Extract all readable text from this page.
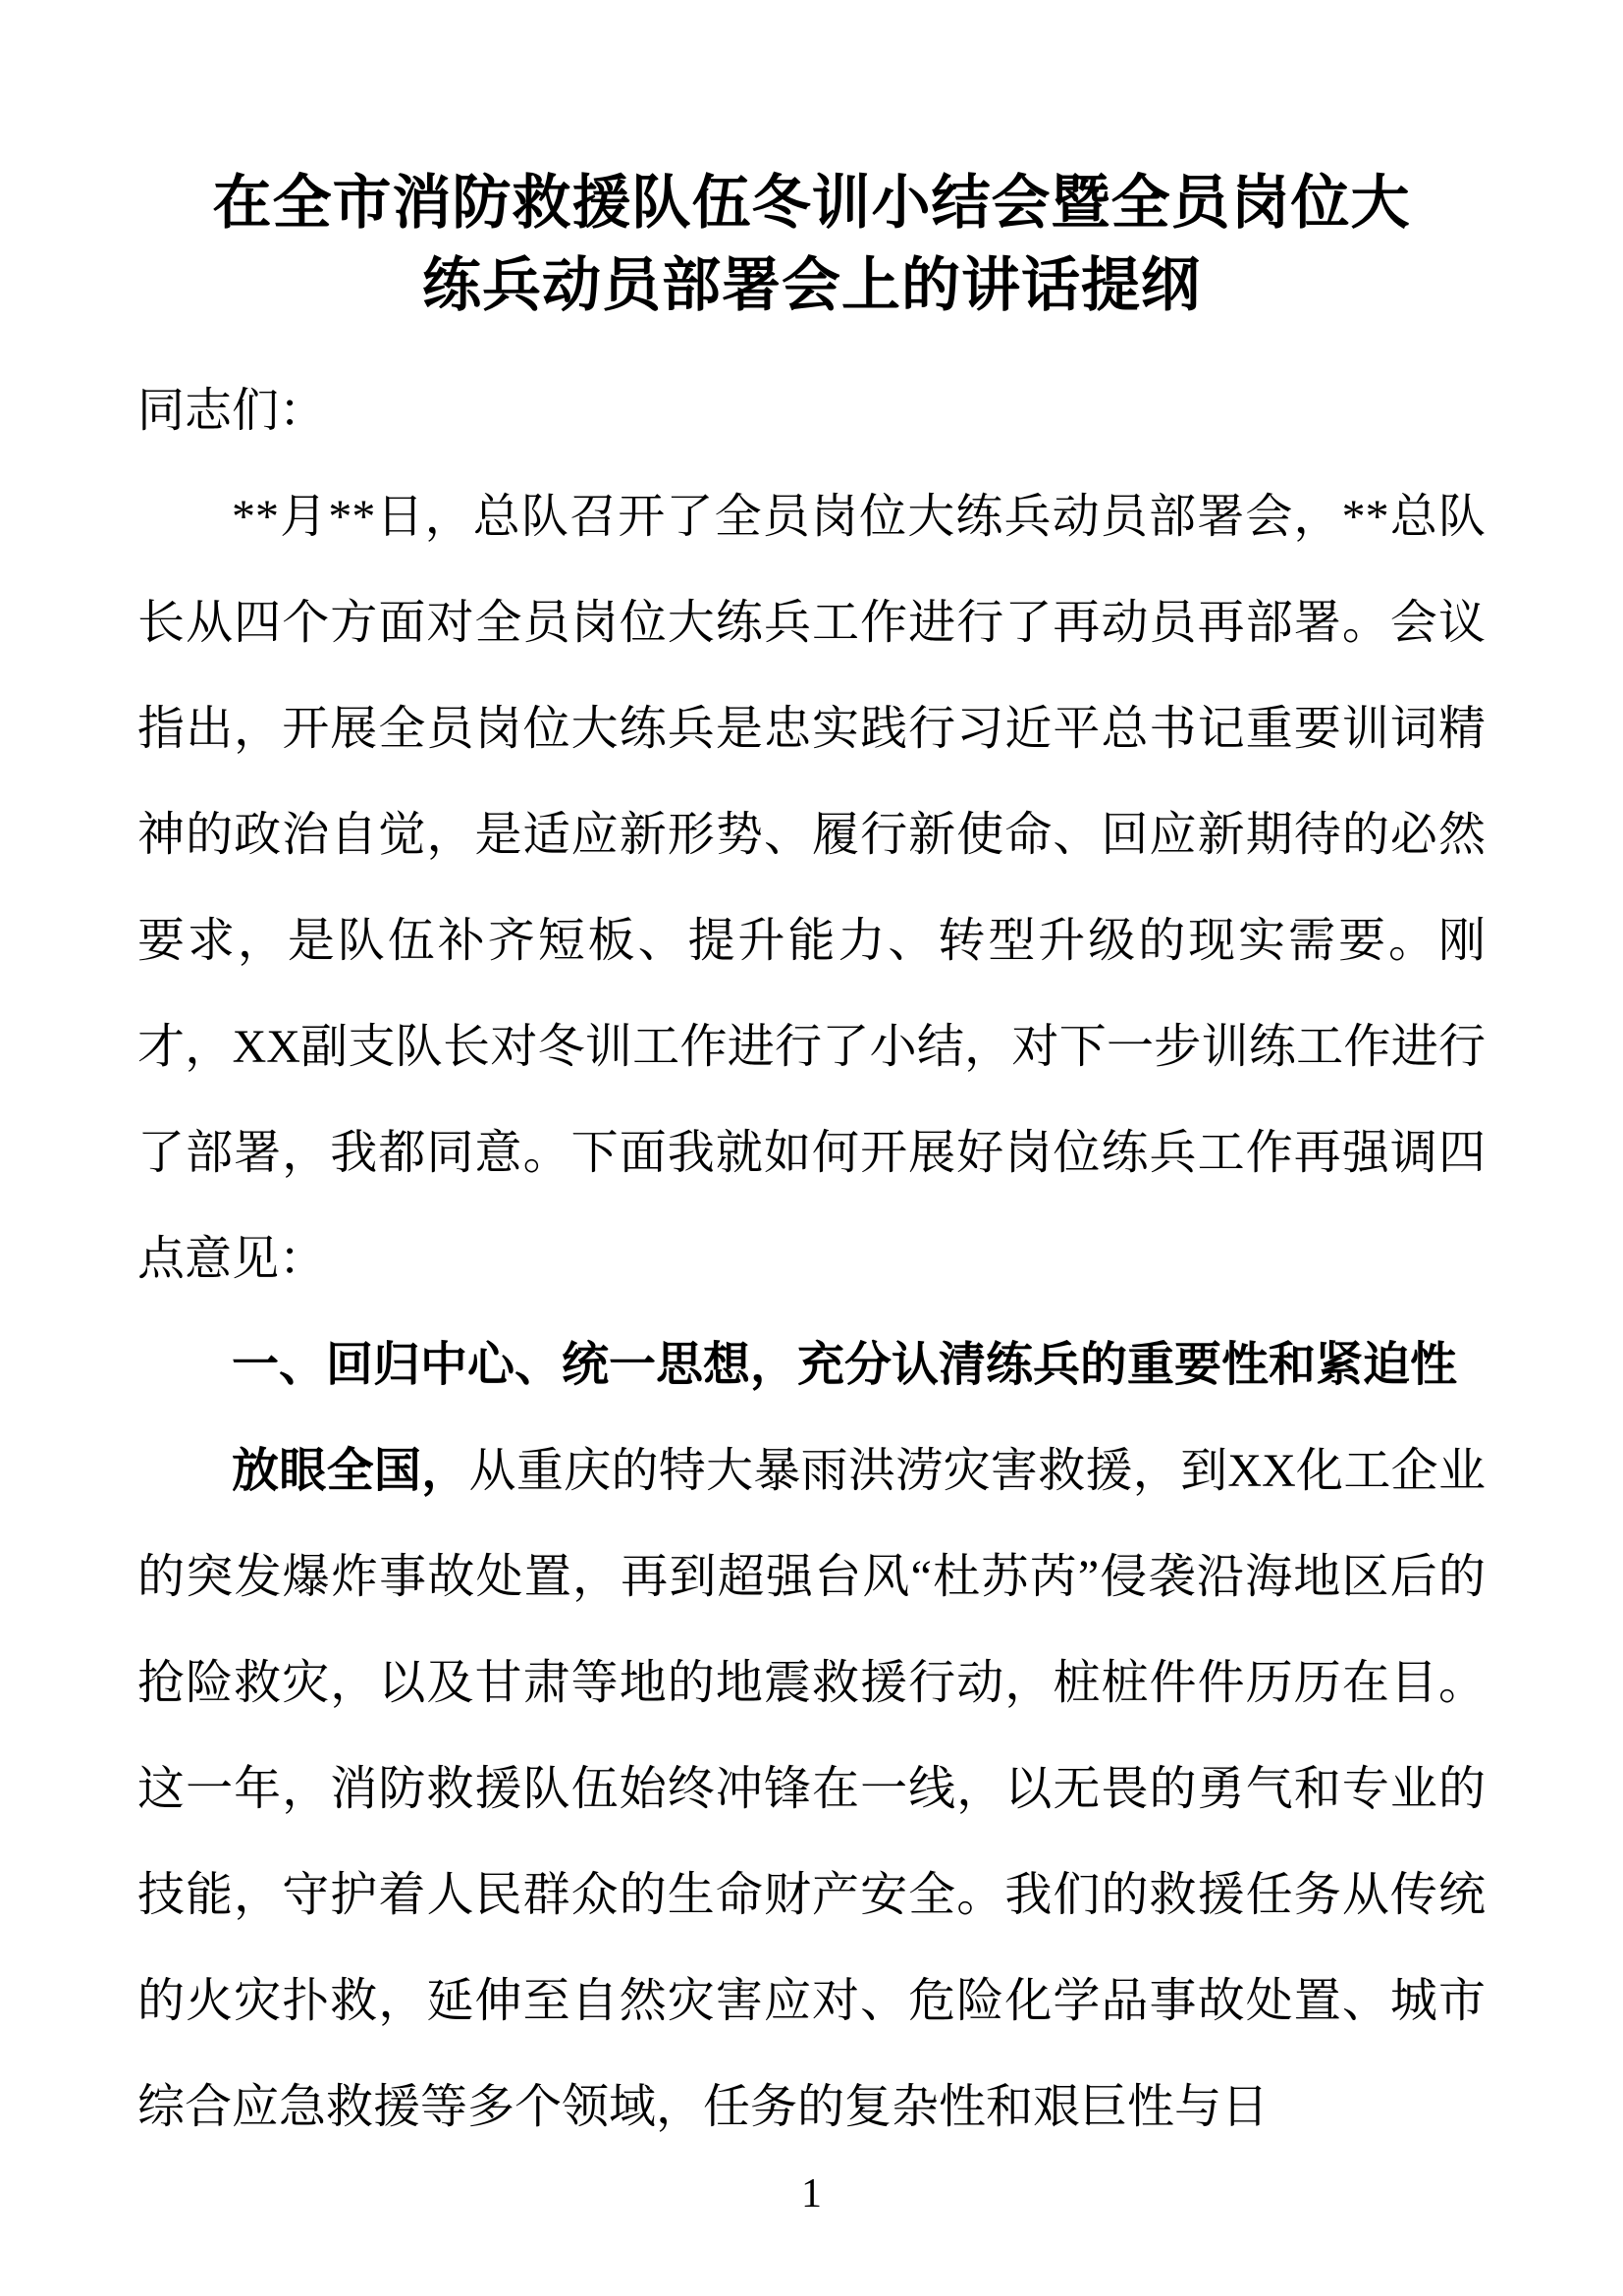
在全市消防救援队伍冬训小结会暨全员岗位大
练兵动员部署会上的讲话提纲

同志们：

**月**日，总队召开了全员岗位大练兵动员部署会，**总队长从四个方面对全员岗位大练兵工作进行了再动员再部署。会议指出，开展全员岗位大练兵是忠实践行习近平总书记重要训词精神的政治自觉，是适应新形势、履行新使命、回应新期待的必然要求，是队伍补齐短板、提升能力、转型升级的现实需要。刚才，XX副支队长对冬训工作进行了小结，对下一步训练工作进行了部署，我都同意。下面我就如何开展好岗位练兵工作再强调四点意见：

一、回归中心、统一思想，充分认清练兵的重要性和紧迫性

放眼全国，从重庆的特大暴雨洪涝灾害救援，到XX化工企业的突发爆炸事故处置，再到超强台风“杜苏芮”侵袭沿海地区后的抢险救灾，以及甘肃等地的地震救援行动，桩桩件件历历在目。这一年，消防救援队伍始终冲锋在一线，以无畏的勇气和专业的技能，守护着人民群众的生命财产安全。我们的救援任务从传统的火灾扑救，延伸至自然灾害应对、危险化学品事故处置、城市综合应急救援等多个领域，任务的复杂性和艰巨性与日

1
